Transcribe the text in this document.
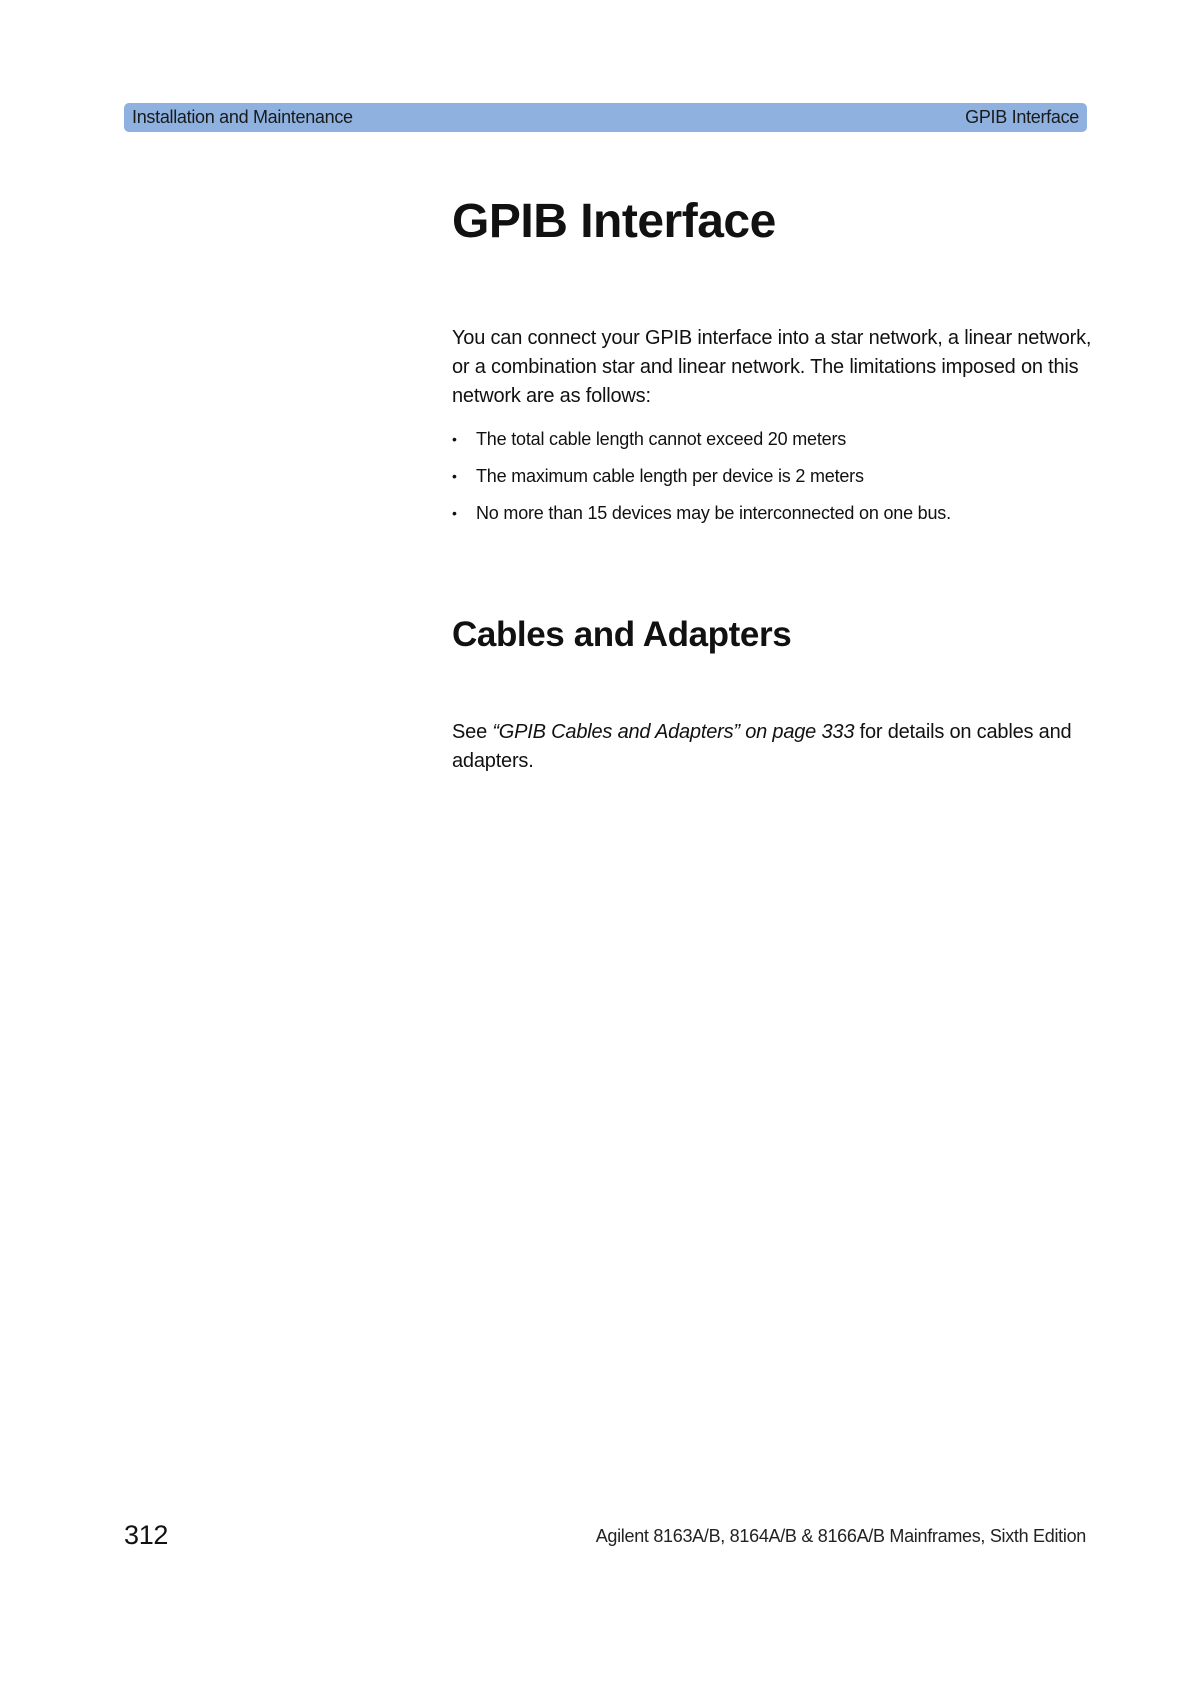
Installation and Maintenance	GPIB Interface
GPIB Interface

You can connect your GPIB interface into a star network, a linear network, or a combination star and linear network. The limitations imposed on this network are as follows:

• The total cable length cannot exceed 20 meters
• The maximum cable length per device is 2 meters
• No more than 15 devices may be interconnected on one bus.
Cables and Adapters

See “GPIB Cables and Adapters” on page 333 for details on cables and adapters.

312	Agilent 8163A/B, 8164A/B & 8166A/B Mainframes, Sixth Edition
